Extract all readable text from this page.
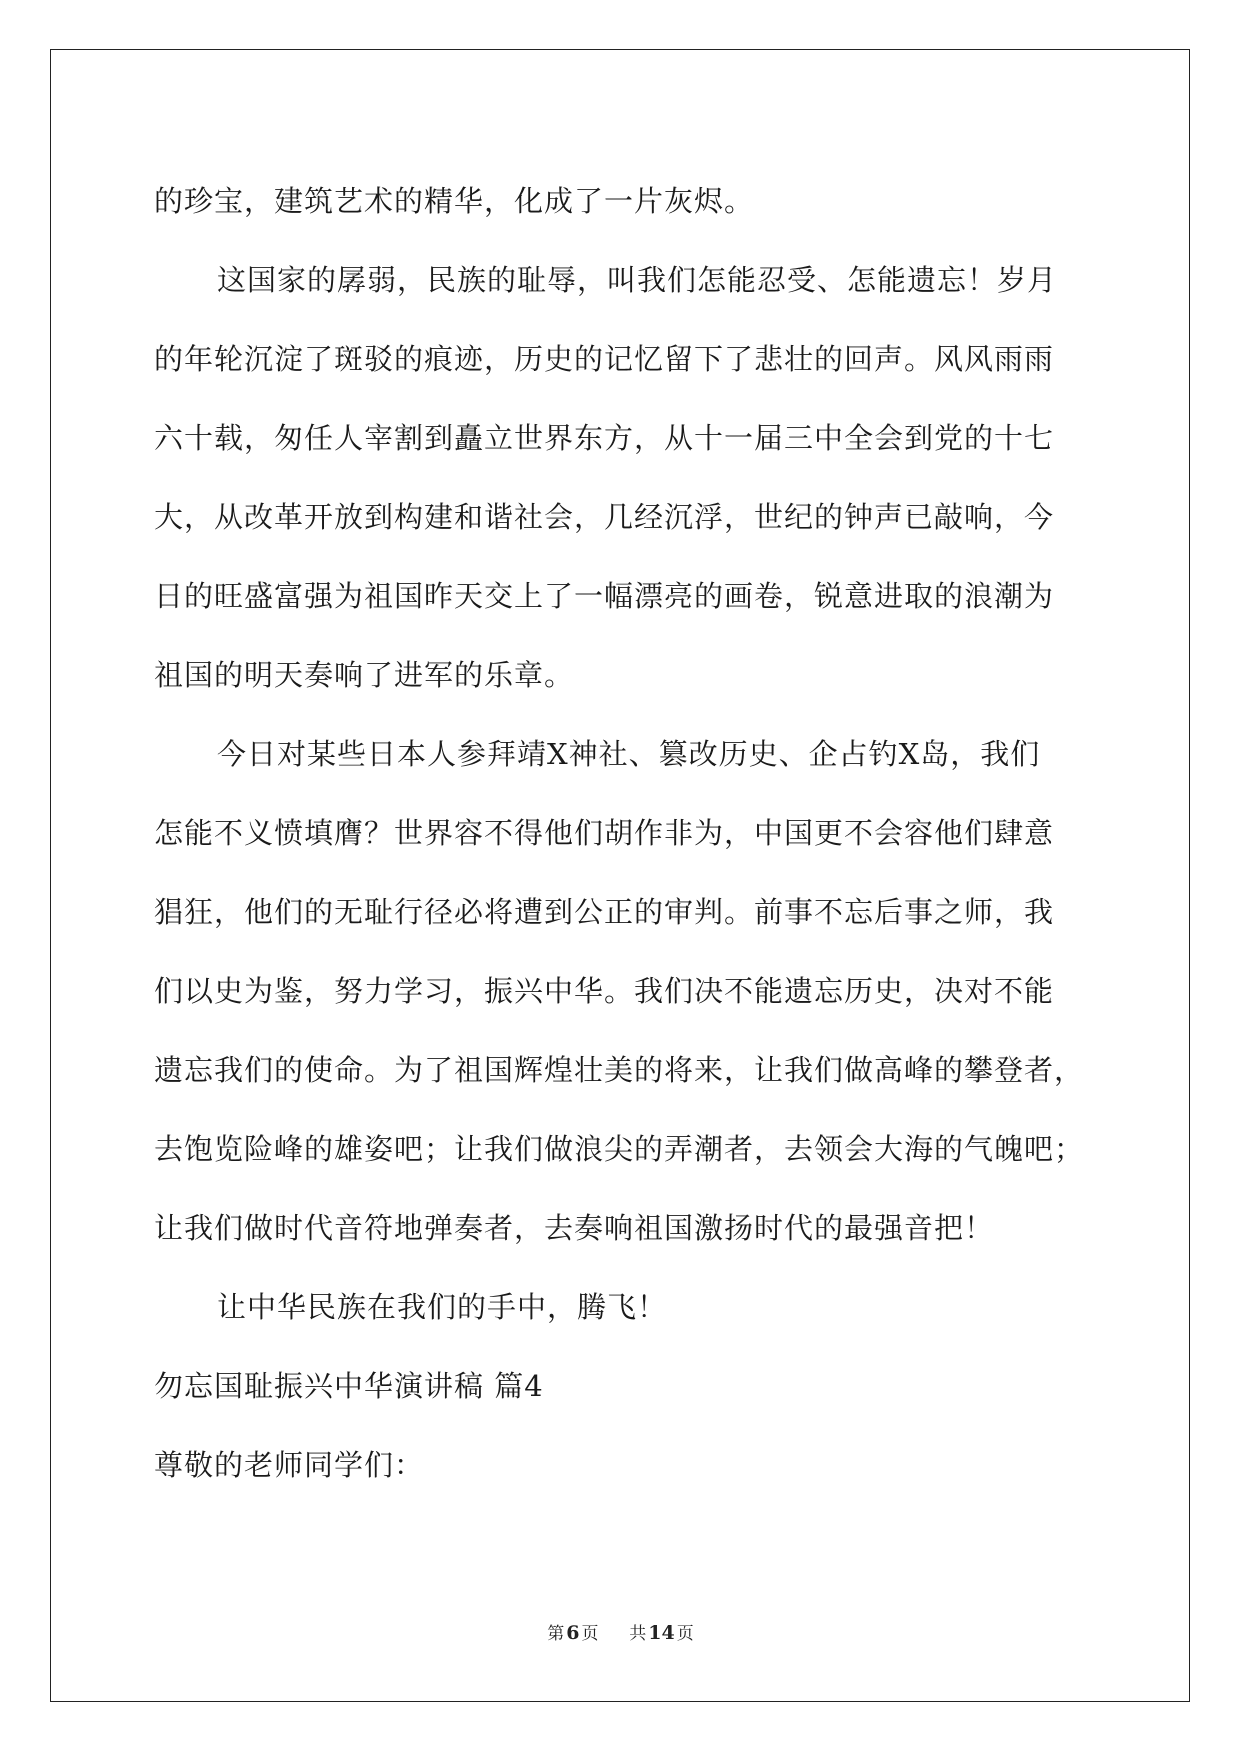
的珍宝，建筑艺术的精华，化成了一片灰烬。
这国家的孱弱，民族的耻辱，叫我们怎能忍受、怎能遗忘！岁月
的年轮沉淀了斑驳的痕迹，历史的记忆留下了悲壮的回声。风风雨雨
六十载，匆任人宰割到矗立世界东方，从十一届三中全会到党的十七
大，从改革开放到构建和谐社会，几经沉浮，世纪的钟声已敲响，今
日的旺盛富强为祖国昨天交上了一幅漂亮的画卷，锐意进取的浪潮为
祖国的明天奏响了进军的乐章。
今日对某些日本人参拜靖X神社、篡改历史、企占钓X岛，我们
怎能不义愤填膺？世界容不得他们胡作非为，中国更不会容他们肆意
猖狂，他们的无耻行径必将遭到公正的审判。前事不忘后事之师，我
们以史为鉴，努力学习，振兴中华。我们决不能遗忘历史，决对不能
遗忘我们的使命。为了祖国辉煌壮美的将来，让我们做高峰的攀登者，
去饱览险峰的雄姿吧；让我们做浪尖的弄潮者，去领会大海的气魄吧；
让我们做时代音符地弹奏者，去奏响祖国激扬时代的最强音把！
让中华民族在我们的手中，腾飞！
勿忘国耻振兴中华演讲稿 篇4
尊敬的老师同学们：
第 6 页 共 14 页
